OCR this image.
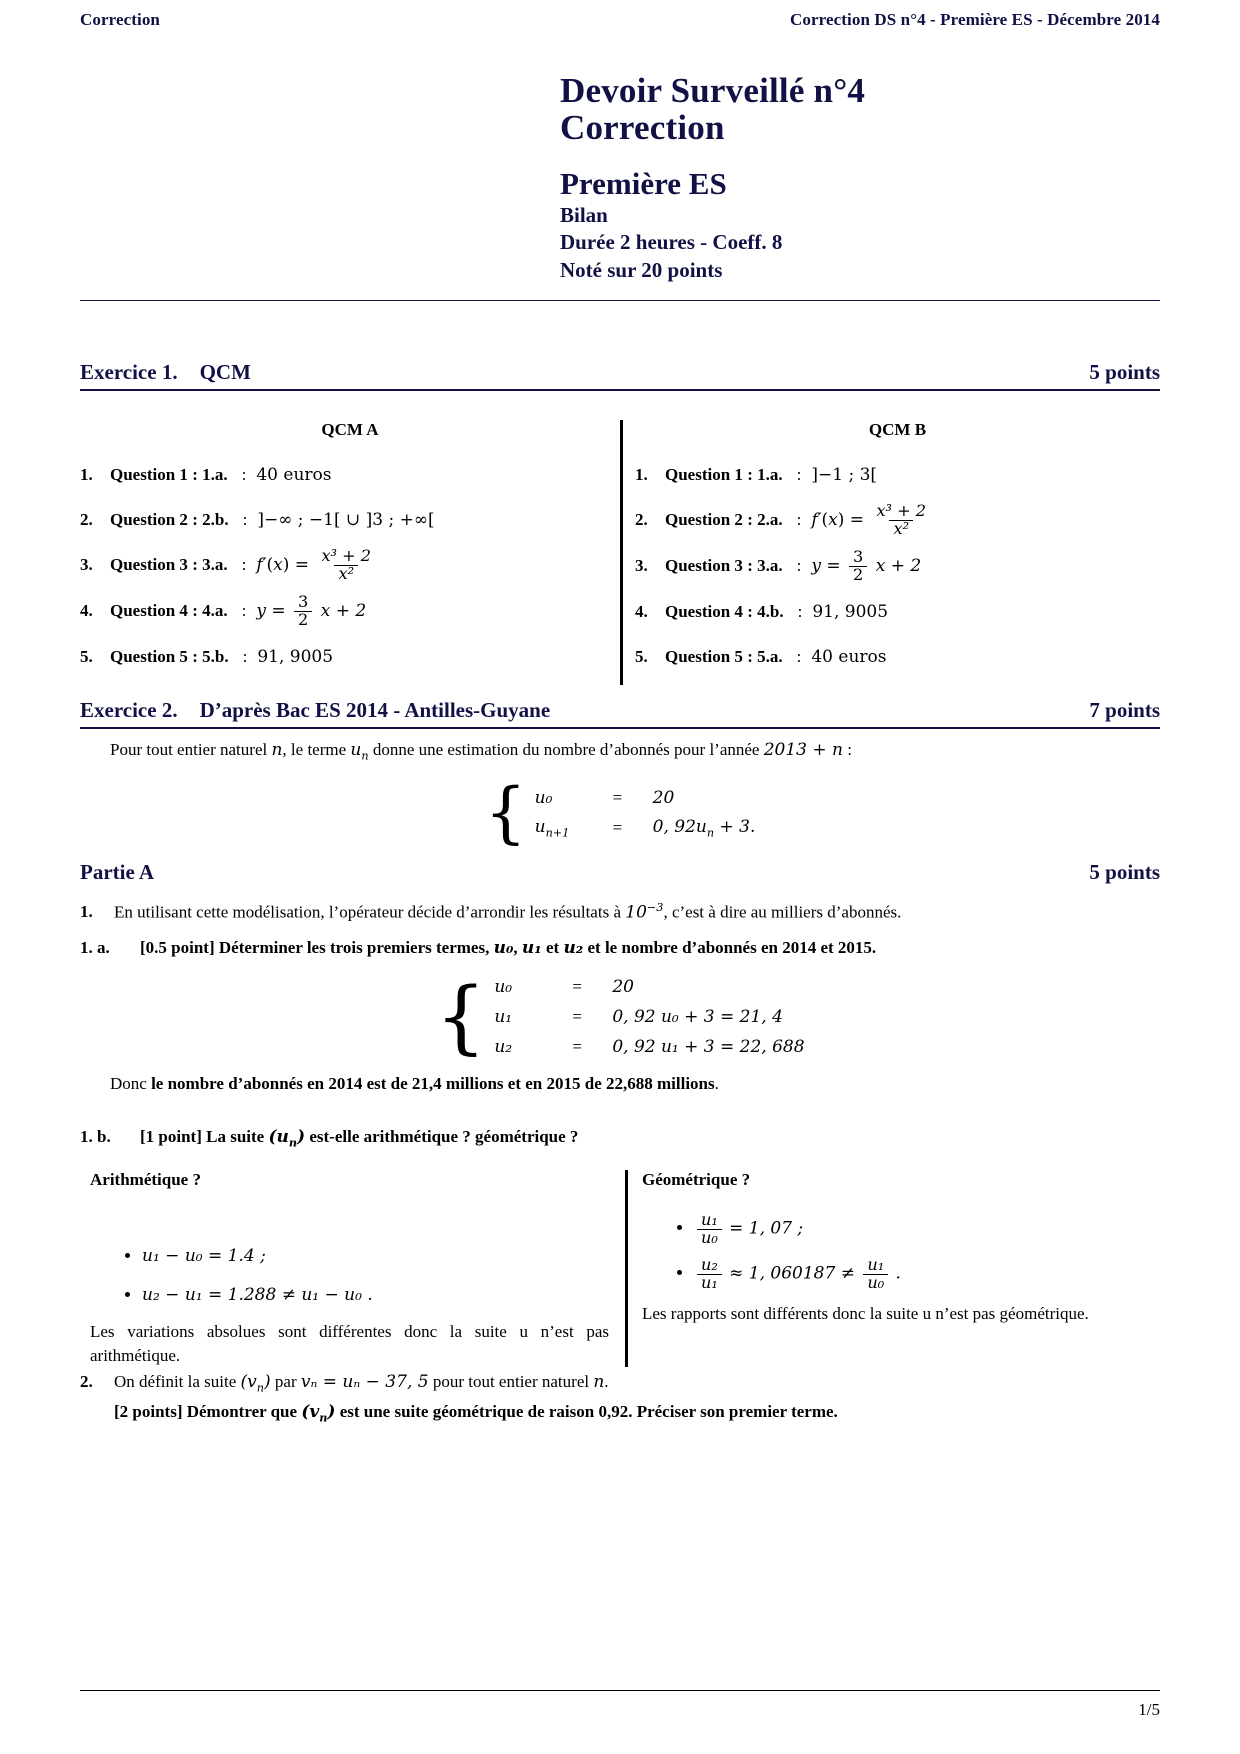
Correction	Correction DS n°4 - Première ES - Décembre 2014
Devoir Surveillé n°4
Correction
Première ES
Bilan
Durée 2 heures - Coeff. 8
Noté sur 20 points
Exercice 1. QCM	5 points
QCM A
1.	Question 1 : 1.a. : 40 euros
2.	Question 2 : 2.b. : ]−∞ ; −1[ ∪ ]3 ; +∞[
3.	Question 3 : 3.a. : $f'(x) = \frac{\text{x³ + 2}}{\text{x²}}$
4.	Question 4 : 4.a. : $y = \frac{3}{2}$ x + 2
5.	Question 5 : 5.b. : 91, 9005
QCM B
1.	Question 1 : 1.a. : ]−1 ; 3[
2.	Question 2 : 2.a. : $f'(x) = \frac{\text{x³ + 2}}{\text{x²}}$
3.	Question 3 : 3.a. : $y = \frac{3}{2}$ x + 2
4.	Question 4 : 4.b. : 91, 9005
5.	Question 5 : 5.a. : 40 euros
Exercice 2. D’après Bac ES 2014 - Antilles-Guyane	7 points
Pour tout entier naturel n, le terme $u_n$ donne une estimation du nombre d’abonnés pour l’année 2013 + n :
{ u₀	=	20
$u_{n+1}$	=	0, $92u_n + 3$.
Partie A	5 points
1.	En utilisant cette modélisation, l’opérateur décide d’arrondir les résultats à $10^{-3}$, c’est à dire au milliers d’abonnés.
1. a.	[0.5 point] Déterminer les trois premiers termes, u₀, u₁ et u₂ et le nombre d’abonnés en 2014 et 2015.
{ u₀	=	20
u₁	=	0, 92 u₀ + 3 = 21, 4
u₂	=	0, 92 u₁ + 3 = 22, 688
Donc le nombre d’abonnés en 2014 est de 21,4 millions et en 2015 de 22,688 millions.
1. b.	[1 point] La suite $(u_n)$ est-elle arithmétique ? géométrique ?
Arithmétique ?
• u₁ − u₀ = 1.4 ;
• u₂ − u₁ = 1.288 ≠ u₁ − u₀ .
Les variations absolues sont différentes donc la suite u n’est pas arithmétique.
Géométrique ?
• $\frac{\text{u₁}}{\text{u₀}} = 1$, 07 ;
• $\frac{\text{u₂}}{\text{u₁}} \approx 1$, $060187 \ne \frac{\text{u₁}}{\text{u₀}}$ .
Les rapports sont différents donc la suite u n’est pas géométrique.
2.	On définit la suite $(v_n)$ par vₙ = uₙ − 37, 5 pour tout entier naturel n.
[2 points] Démontrer que $(v_n)$ est une suite géométrique de raison 0,92. Préciser son premier terme.
1/5
